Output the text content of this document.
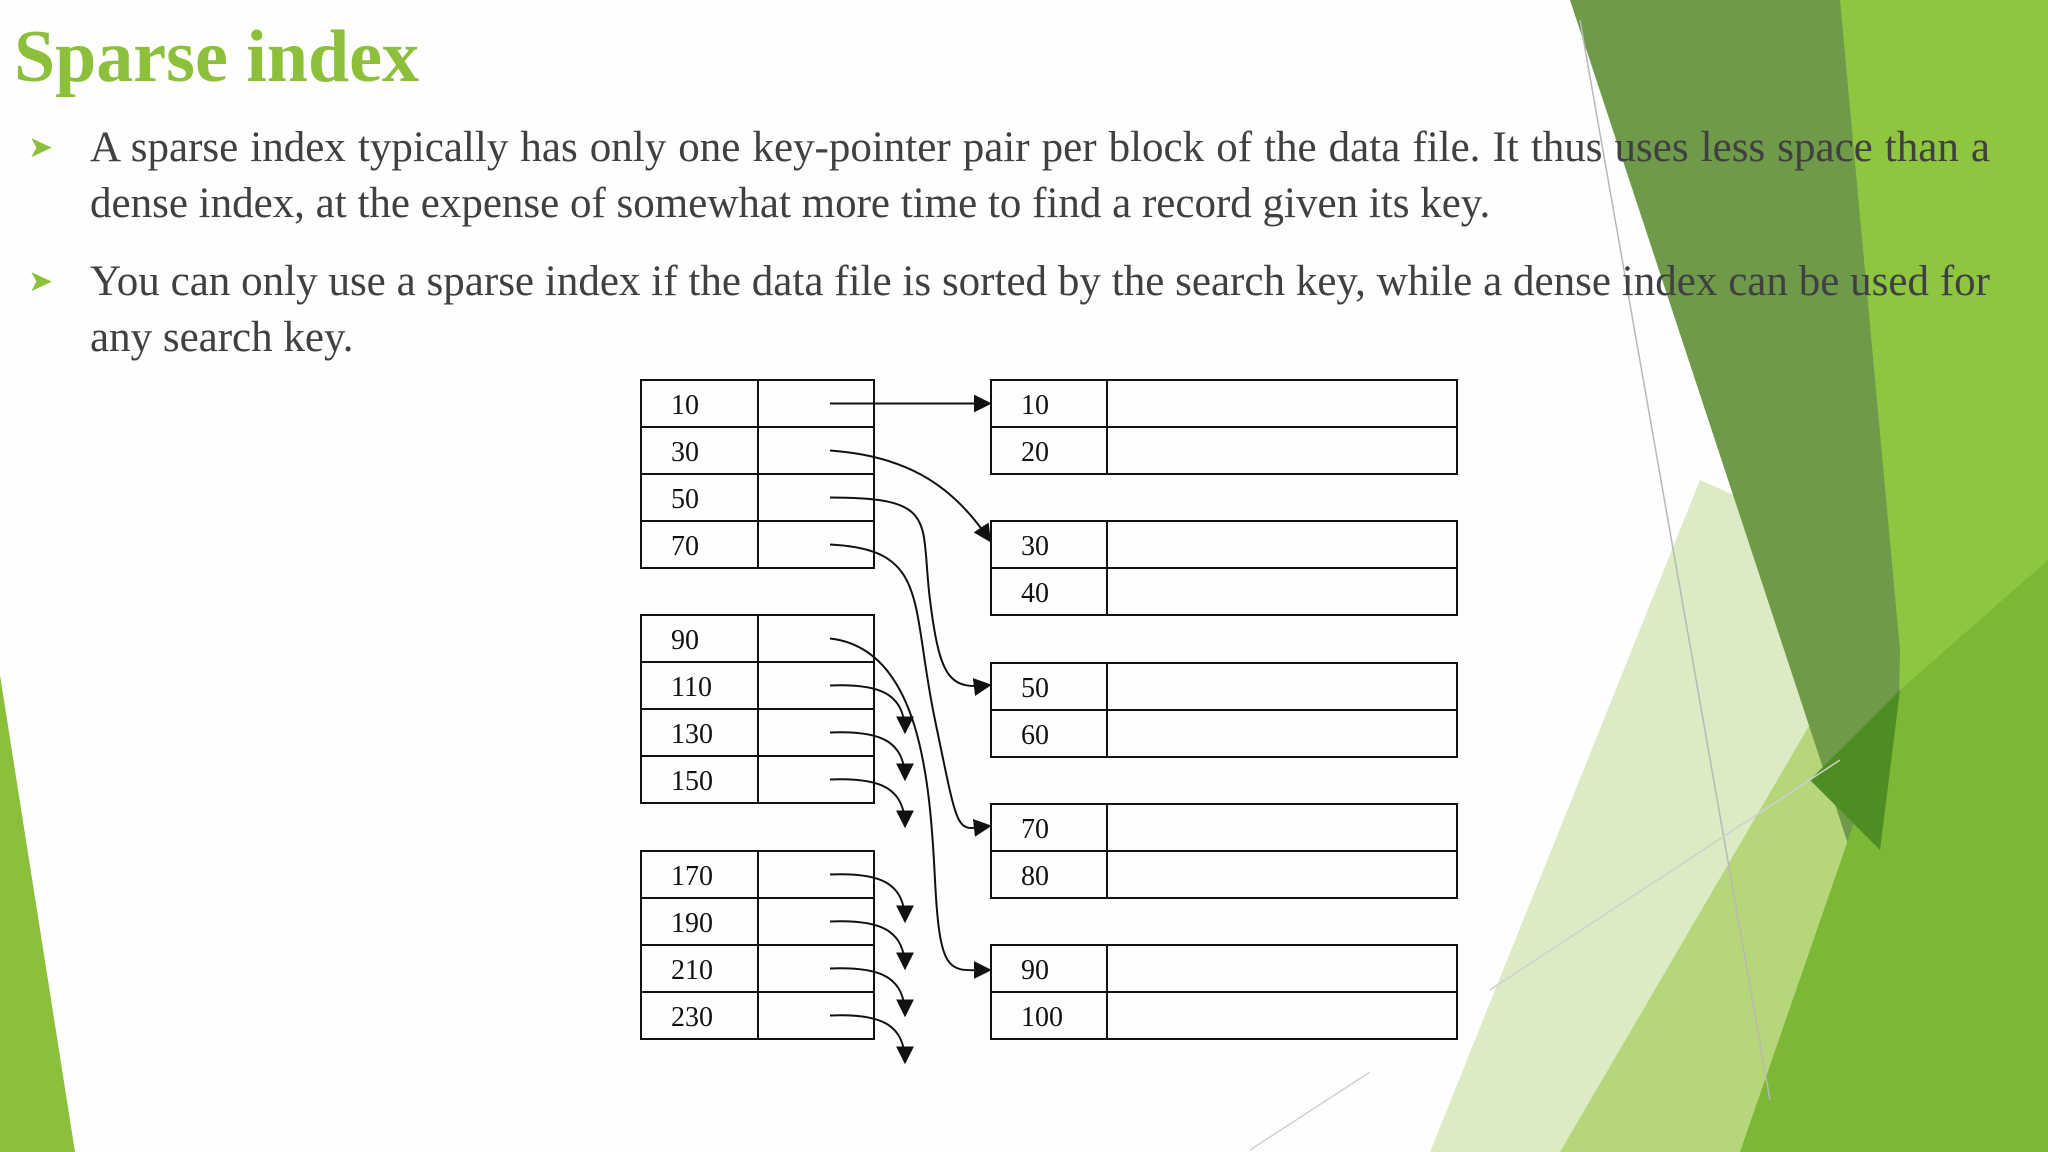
Sparse index
➤ A sparse index typically has only one key-pointer pair per block of the data file. It thus uses less space than a dense index, at the expense of somewhat more time to find a record given its key.
➤ You can only use a sparse index if the data file is sorted by the search key, while a dense index can be used for any search key.
10
30
50
70
90
110
130
150
170
190
210
230
10
20
30
40
50
60
70
80
90
100
